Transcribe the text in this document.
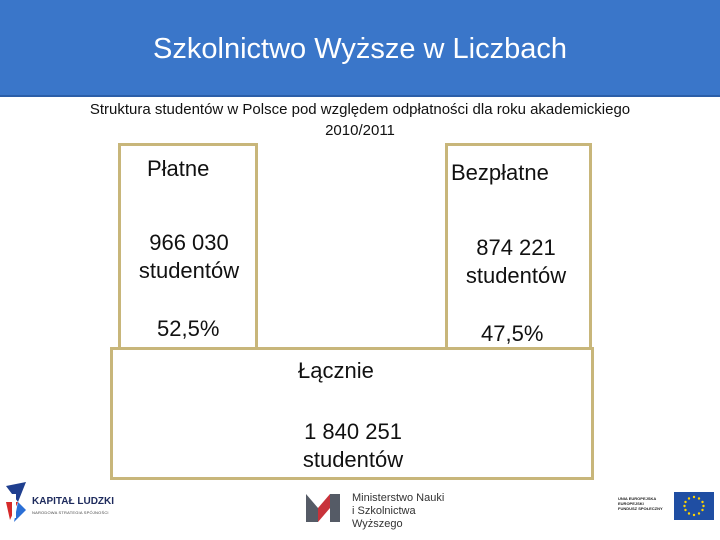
Szkolnictwo Wyższe w Liczbach
Struktura studentów w Polsce pod względem odpłatności dla roku akademickiego
2010/2011
Płatne
966 030
studentów
52,5%
Bezpłatne
874 221
studentów
47,5%
Łącznie
1 840 251
studentów
KAPITAŁ LUDZKI
NARODOWA STRATEGIA SPÓJNOŚCI
Ministerstwo Nauki
i Szkolnictwa Wyższego
UNIA EUROPEJSKA
EUROPEJSKI
FUNDUSZ SPOŁECZNY
